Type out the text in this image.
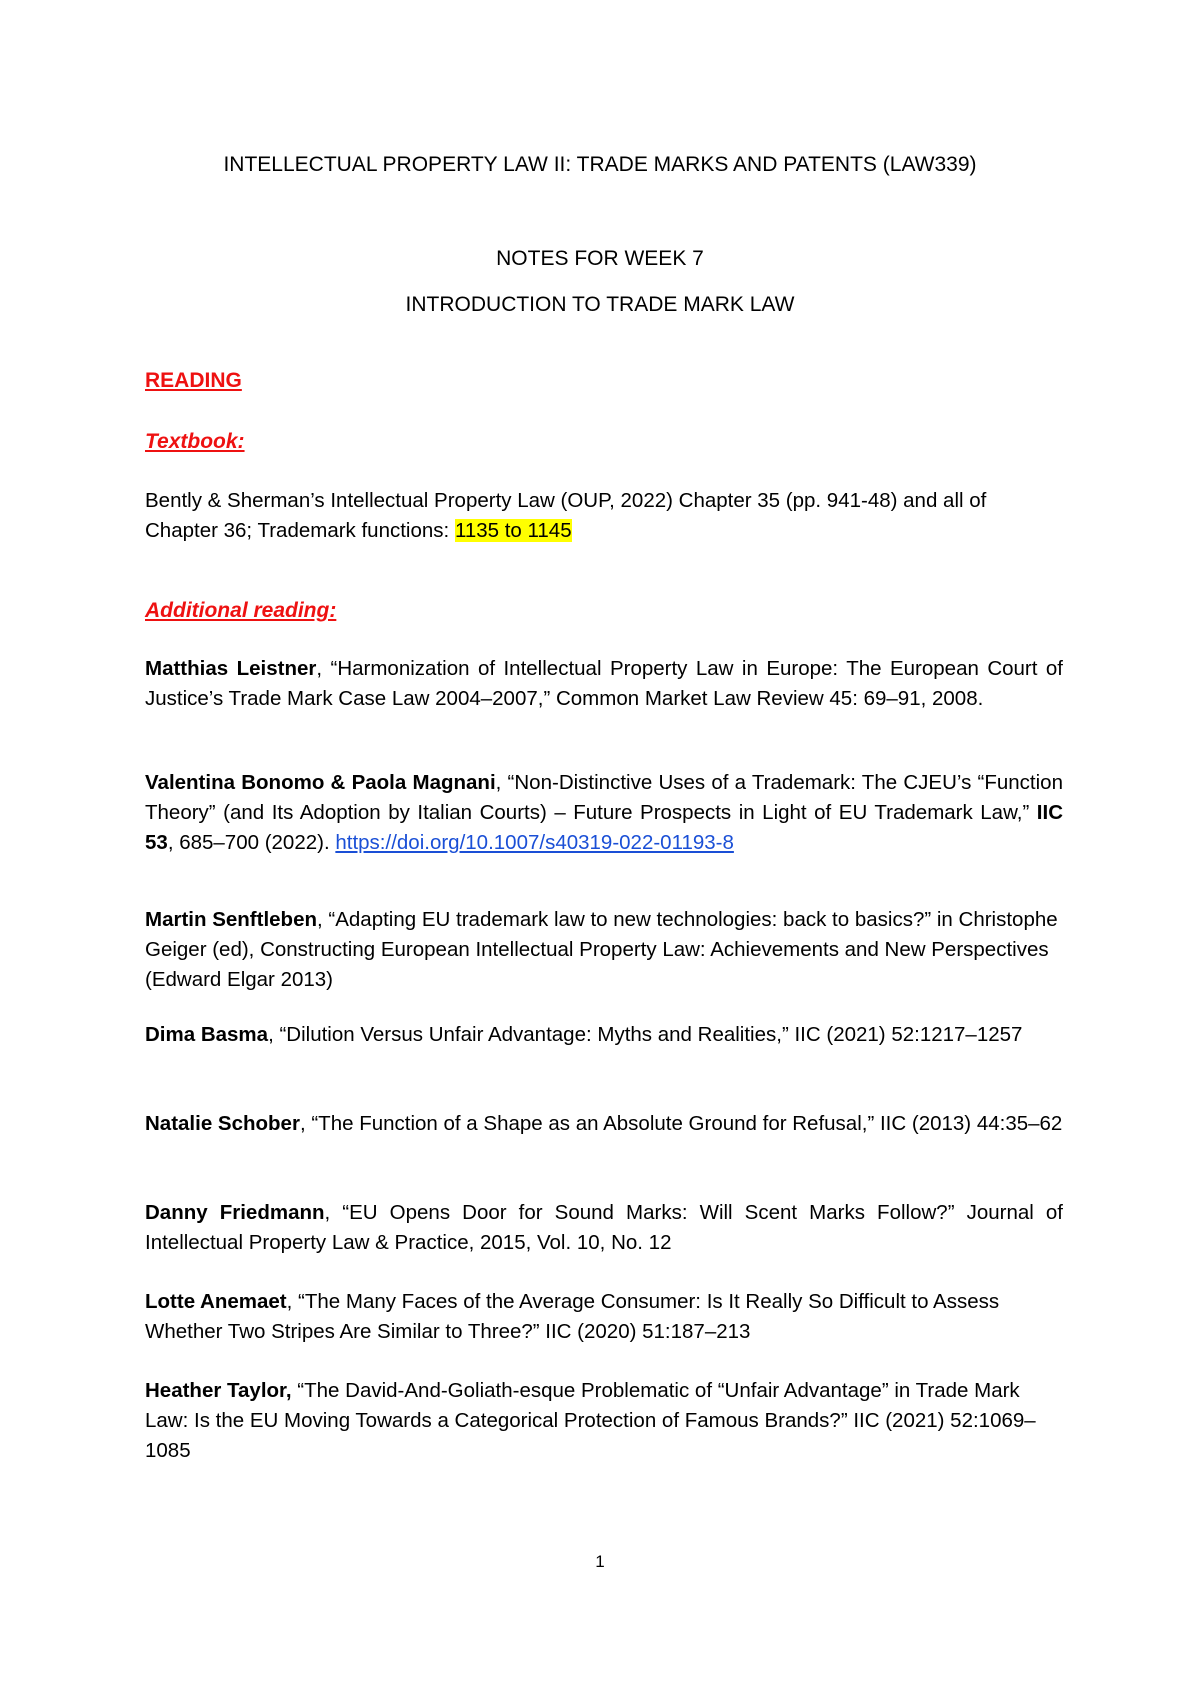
INTELLECTUAL PROPERTY LAW II: TRADE MARKS AND PATENTS (LAW339)
NOTES FOR WEEK 7
INTRODUCTION TO TRADE MARK LAW
READING
Textbook:
Bently & Sherman’s Intellectual Property Law (OUP, 2022) Chapter 35 (pp. 941-48) and all of Chapter 36; Trademark functions: 1135 to 1145
Additional reading:
Matthias Leistner, “Harmonization of Intellectual Property Law in Europe: The European Court of Justice’s Trade Mark Case Law 2004–2007,” Common Market Law Review 45: 69–91, 2008.
Valentina Bonomo & Paola Magnani, “Non-Distinctive Uses of a Trademark: The CJEU’s “Function Theory” (and Its Adoption by Italian Courts) – Future Prospects in Light of EU Trademark Law,” IIC 53, 685–700 (2022). https://doi.org/10.1007/s40319-022-01193-8
Martin Senftleben, “Adapting EU trademark law to new technologies: back to basics?” in Christophe Geiger (ed), Constructing European Intellectual Property Law: Achievements and New Perspectives (Edward Elgar 2013)
Dima Basma, “Dilution Versus Unfair Advantage: Myths and Realities,” IIC (2021) 52:1217–1257
Natalie Schober, “The Function of a Shape as an Absolute Ground for Refusal,” IIC (2013) 44:35–62
Danny Friedmann, “EU Opens Door for Sound Marks: Will Scent Marks Follow?” Journal of Intellectual Property Law & Practice, 2015, Vol. 10, No. 12
Lotte Anemaet, “The Many Faces of the Average Consumer: Is It Really So Difficult to Assess Whether Two Stripes Are Similar to Three?” IIC (2020) 51:187–213
Heather Taylor, “The David-And-Goliath-esque Problematic of “Unfair Advantage” in Trade Mark Law: Is the EU Moving Towards a Categorical Protection of Famous Brands?” IIC (2021) 52:1069–1085
1
